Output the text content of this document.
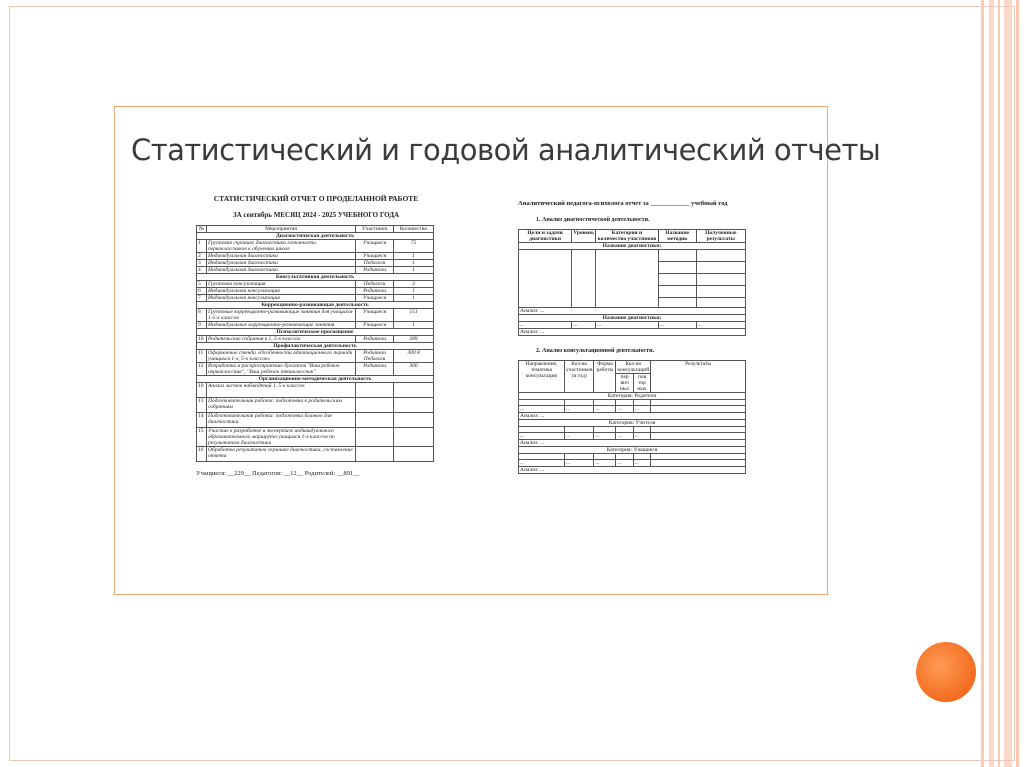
Статистический и годовой аналитический отчеты
СТАТИСТИЧЕСКИЙ ОТЧЕТ О ПРОДЕЛАННОЙ РАБОТЕ
ЗА сентябрь МЕСЯЦ 2024 - 2025 УЧЕБНОГО ГОДА
№	Мероприятия	Участники	Количество
Диагностическая деятельность			
1	Групповая скрининг диагностика готовности первоклассников к обучению школе	Учащиеся	75
2	Индивидуальная диагностика	Учащиеся	1
3	Индивидуальная диагностика	Педагоги	1
4	Индивидуальная диагностика	Родители	1
Консультативная деятельность			
5	Групповая консультация	Педагоги	3
6	Индивидуальная консультация	Родители	1
7	Индивидуальная консультация	Учащиеся	1
Коррекционно-развивающая деятельность			
8	Групповые коррекционно-развивающие занятия для учащихся 1-5-х классов	Учащиеся	151
9	Индивидуальные коррекционно-развивающие занятия	Учащиеся	1
Психологическое просвещение			
10	Родительские собрания в 1, 5-х классах	Родители	289
Профилактическая деятельность			
11	Оформление стенда «Особенности адаптационного периода учащихся 1-х, 5-х классов»	Родители Педагоги	300 8
12	Разработка и распространение буклетов "Ваш ребенок первоклассник", "Ваш ребенок пятиклассник"	Родители	300
Организационно-методическая деятельность			
10	Анализ листов наблюдений 1, 5-х классов		
13	Подготовительная работа: подготовка к родительским собраниям		
14	Подготовительная работа: подготовка бланков для диагностики		
15	Участие в разработке и экспертизе индивидуального образовательного маршрута учащихся 1-х классов по результатам диагностики		
16	Обработка результатов скрининг диагностики, составление отчета		
Учащиеся: __229__ Педагогов: __12__ Родителей: __891__
Аналитический педагога-психолога отчет за ____________ учебный год
1. Анализ диагностической деятельности.
Цели и задачи диагностики	Уровень	Категория и количество участников	Название методик	Полученные результаты
Название диагностики:				

Анализ: ...				
Название диагностики:				
...	...	...	...	...
Анализ: ...				
2. Анализ консультационной деятельности.
Направление, тематика консультации	Кол-во участников (в год)	Форма работы	Кол-во консультаций		Результаты
			пер вич ных	пов тор ных	
Категория: Родители					

...	...	...	...	...	
Анализ: ...					
Категория: Учителя					

...	...	...	...	...	
Анализ: ...					
Категория: Учащиеся					

...	...	...	...	...	
Анализ: ...					
